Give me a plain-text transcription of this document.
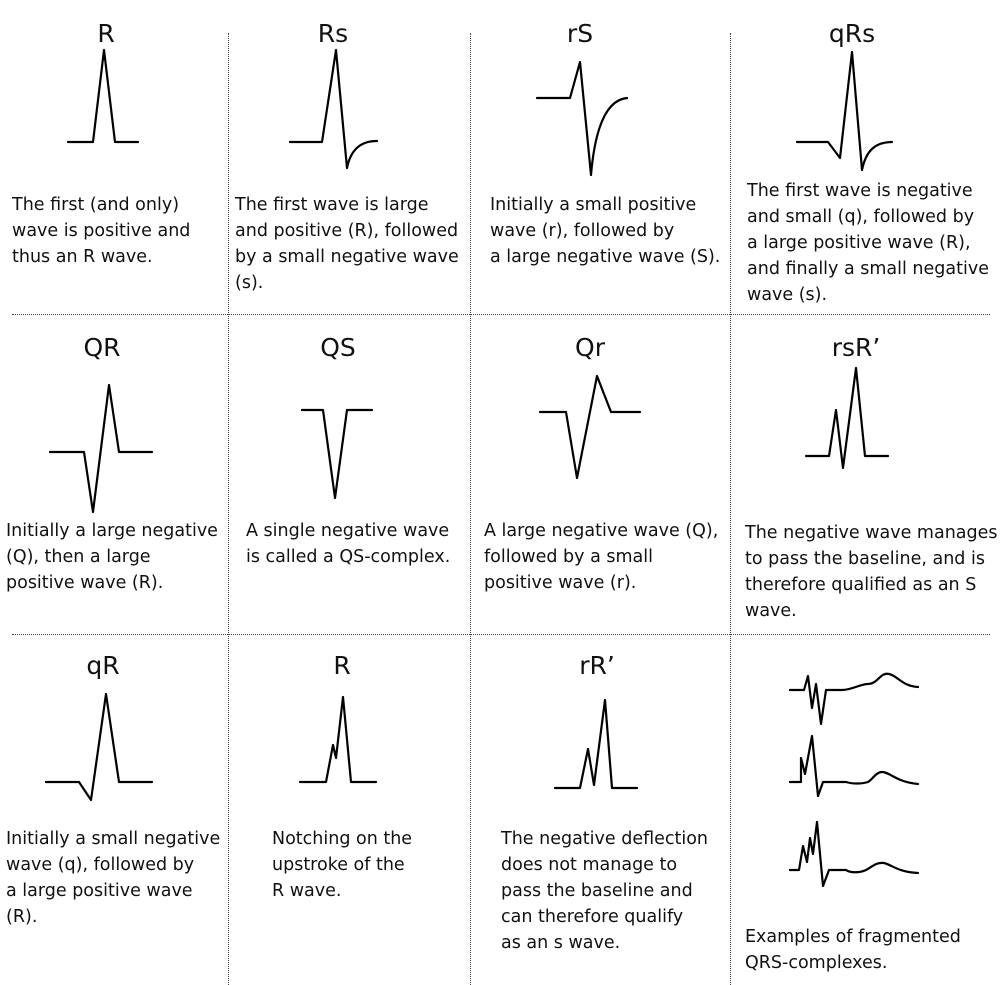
R
The first (and only)
wave is positive and
thus an R wave.
Rs
The first wave is large
and positive (R), followed
by a small negative wave
(s).
rS
Initially a small positive
wave (r), followed by
a large negative wave (S).
qRs
The first wave is negative
and small (q), followed by
a large positive wave (R),
and finally a small negative
wave (s).
QR
Initially a large negative
(Q), then a large
positive wave (R).
QS
A single negative wave
is called a QS-complex.
Qr
A large negative wave (Q),
followed by a small
positive wave (r).
rsR’
The negative wave manages
to pass the baseline, and is
therefore qualified as an S
wave.
qR
Initially a small negative
wave (q), followed by
a large positive wave
(R).
R
Notching on the
upstroke of the
R wave.
rR’
The negative deflection
does not manage to
pass the baseline and
can therefore qualify
as an s wave.	Examples of fragmented
QRS-complexes.
